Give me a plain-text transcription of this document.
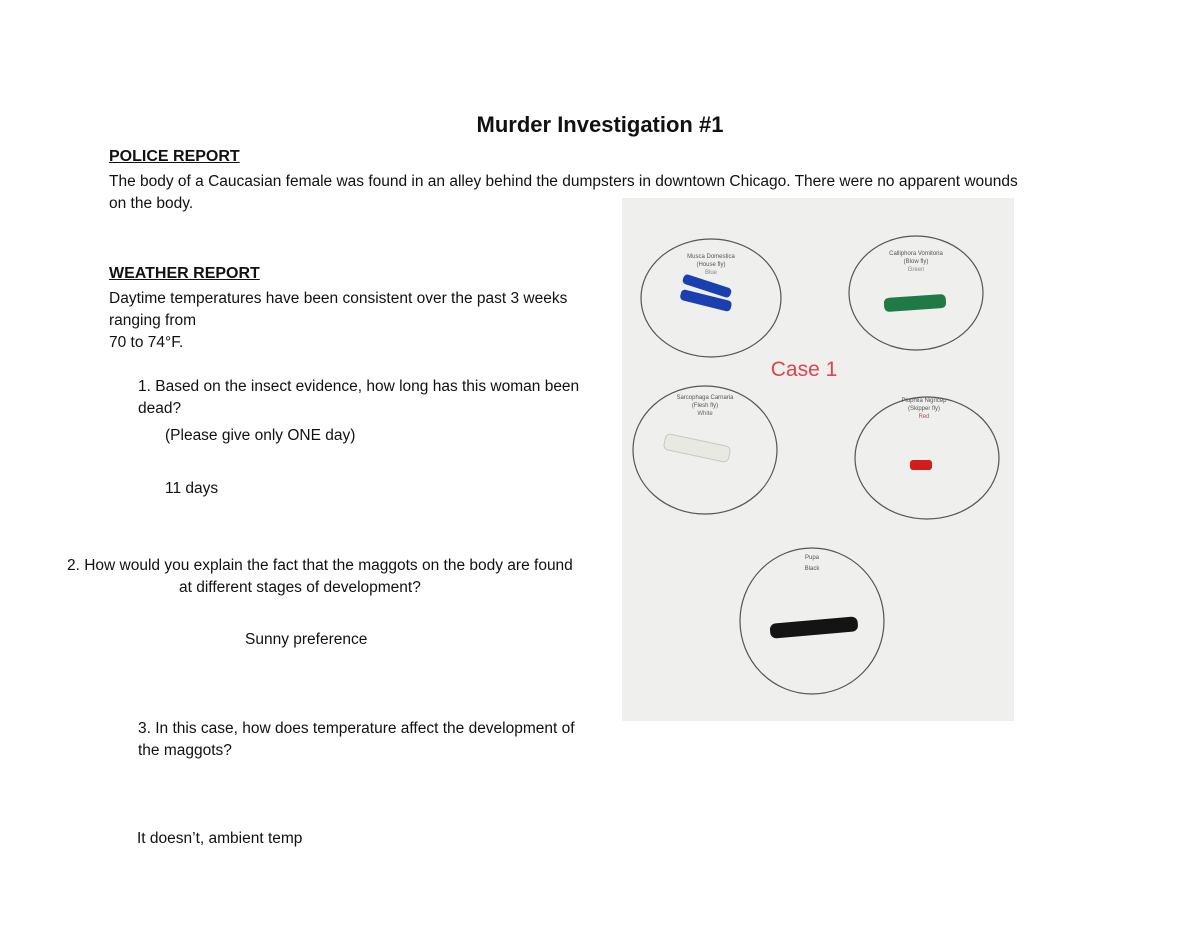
Murder Investigation #1
POLICE REPORT
The body of a Caucasian female was found in an alley behind the dumpsters in downtown Chicago. There were no apparent wounds
on the body.
WEATHER REPORT
Daytime temperatures have been consistent over the past 3 weeks
ranging from
70 to 74°F.
1. Based on the insect evidence, how long has this woman been
dead?
(Please give only ONE day)
11 days
2. How would you explain the fact that the maggots on the body are found
at different stages of development?
Sunny preference
3. In this case, how does temperature affect the development of
the maggots?
It doesn’t, ambient temp
Musca Domestica
(House fly)
Blue
Calliphora Vomitoria
(Blow fly)
Green
Case 1
Sarcophaga Carnaria
(Flesh fly)
White
Piophila Nigricep
(Skipper fly)
Red
Pupa
Black
